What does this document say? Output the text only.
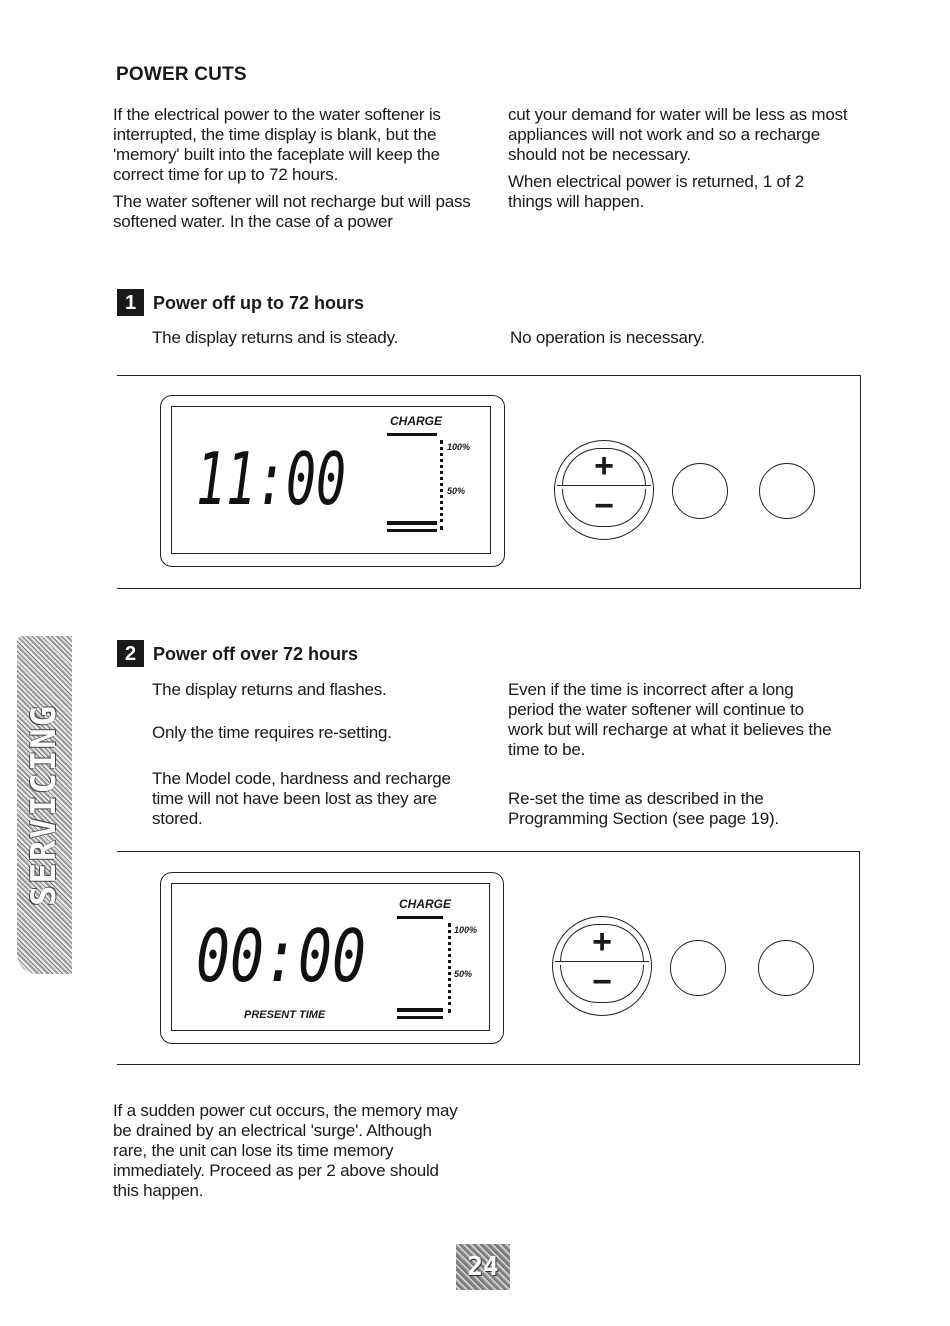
POWER CUTS
If the electrical power to the water softener is interrupted, the time display is blank, but the 'memory' built into the faceplate will keep the correct time for up to 72 hours.
The water softener will not recharge but will pass softened water. In the case of a power
cut your demand for water will be less as most appliances will not work and so a recharge should not be necessary.
When electrical power is returned, 1 of 2 things will happen.
1 Power off up to 72 hours
The display returns and is steady.	No operation is necessary.
11:00
CHARGE
100%
50%
+
−
2 Power off over 72 hours
The display returns and flashes.
Only the time requires re-setting.
The Model code, hardness and recharge time will not have been lost as they are stored.
Even if the time is incorrect after a long period the water softener will continue to work but will recharge at what it believes the time to be.
Re-set the time as described in the Programming Section (see page 19).
00:00
CHARGE
100%
50%
PRESENT TIME
+
−
If a sudden power cut occurs, the memory may be drained by an electrical 'surge'. Although rare, the unit can lose its time memory immediately. Proceed as per 2 above should this happen.
SERVICING
24
